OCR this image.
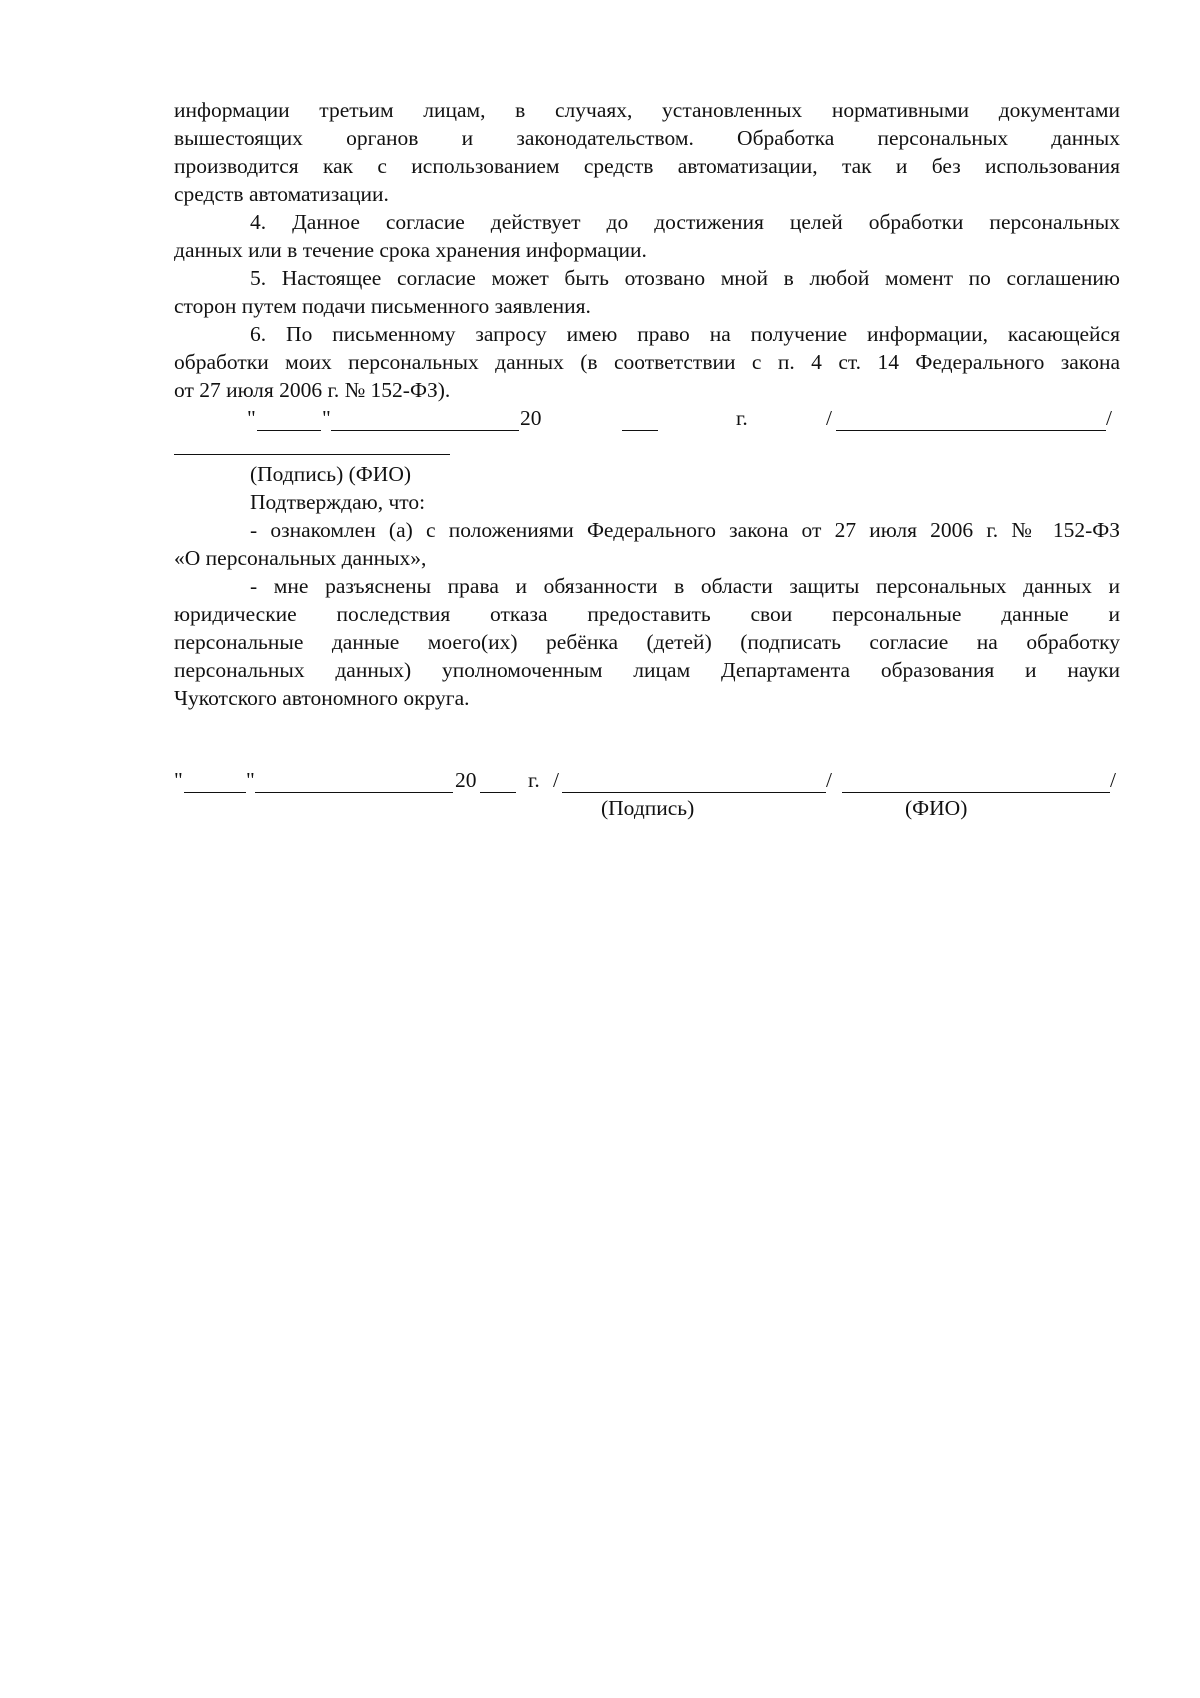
информации третьим лицам, в случаях, установленных нормативными документами
вышестоящих органов и законодательством. Обработка персональных данных
производится как с использованием средств автоматизации, так и без использования
средств автоматизации.
4. Данное согласие действует до достижения целей обработки персональных
данных или в течение срока хранения информации.
5. Настоящее согласие может быть отозвано мной в любой момент по соглашению
сторон путем подачи письменного заявления.
6. По письменному запросу имею право на получение информации, касающейся
обработки моих персональных данных (в соответствии с п. 4 ст. 14 Федерального закона
от 27 июля 2006 г. № 152-ФЗ).
"	"	20	г.	/	/
(Подпись) (ФИО)
Подтверждаю, что:
- ознакомлен (а) с положениями Федерального закона от 27 июля 2006 г. № 152-ФЗ
«О персональных данных»,
- мне разъяснены права и обязанности в области защиты персональных данных и
юридические последствия отказа предоставить свои персональные данные и
персональные данные моего(их) ребёнка (детей) (подписать согласие на обработку
персональных данных) уполномоченным лицам Департамента образования и науки
Чукотского автономного округа.
"	"	20 г. /	/	/
(Подпись)	(ФИО)
